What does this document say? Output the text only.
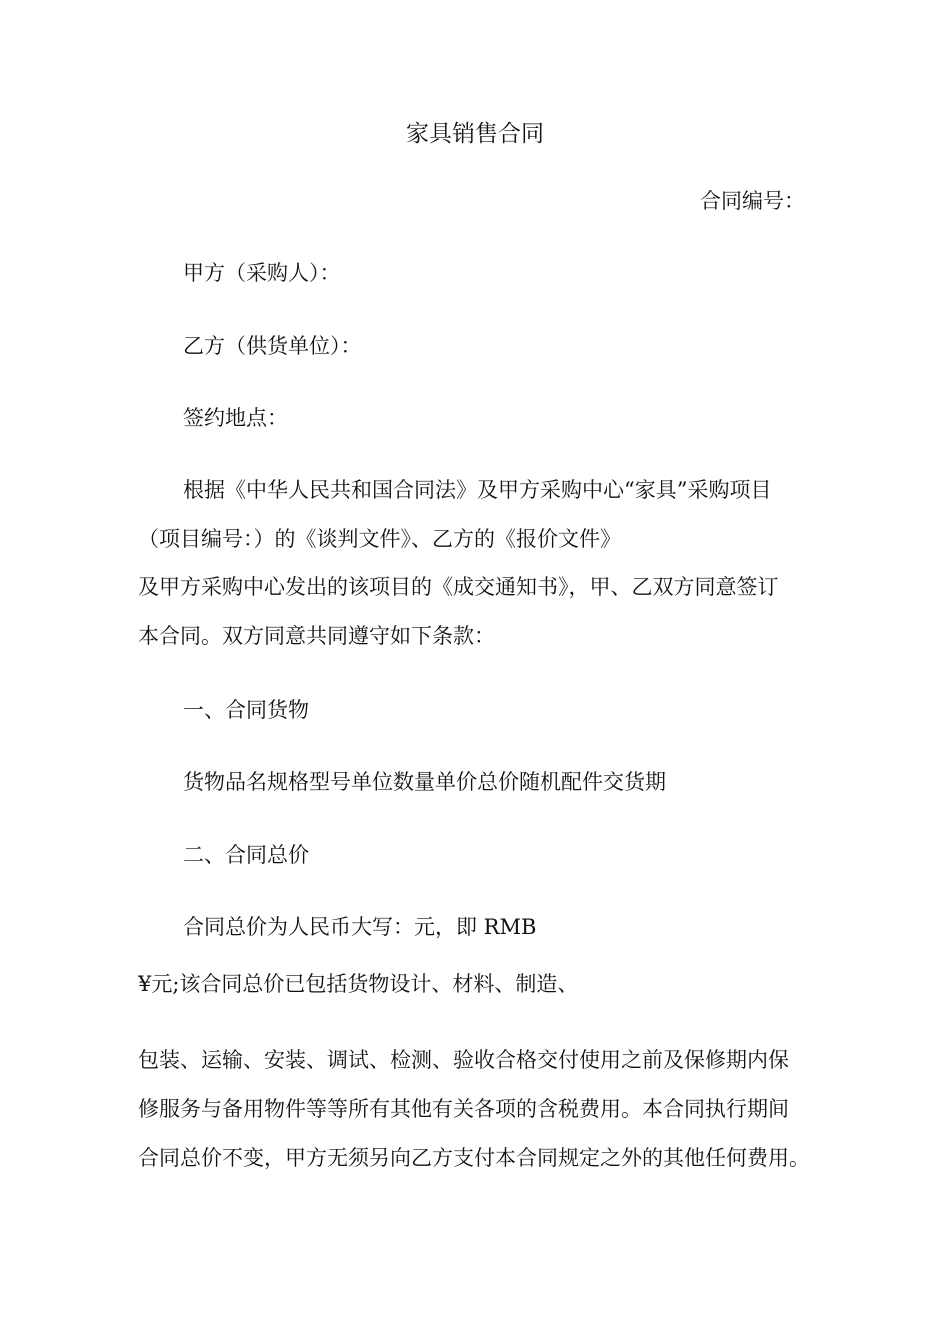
家具销售合同
合同编号：
甲方（采购人）：
乙方（供货单位）：
签约地点：
根据《中华人民共和国合同法》及甲方采购中心“家具”采购项目
（项目编号：）的《谈判文件》、乙方的《报价文件》
及甲方采购中心发出的该项目的《成交通知书》，甲、乙双方同意签订
本合同。双方同意共同遵守如下条款：
一、合同货物
货物品名规格型号单位数量单价总价随机配件交货期
二、合同总价
合同总价为人民币大写：元，即 RMB
¥元;该合同总价已包括货物设计、材料、制造、
包装、运输、安装、调试、检测、验收合格交付使用之前及保修期内保
修服务与备用物件等等所有其他有关各项的含税费用。本合同执行期间
合同总价不变，甲方无须另向乙方支付本合同规定之外的其他任何费用。
